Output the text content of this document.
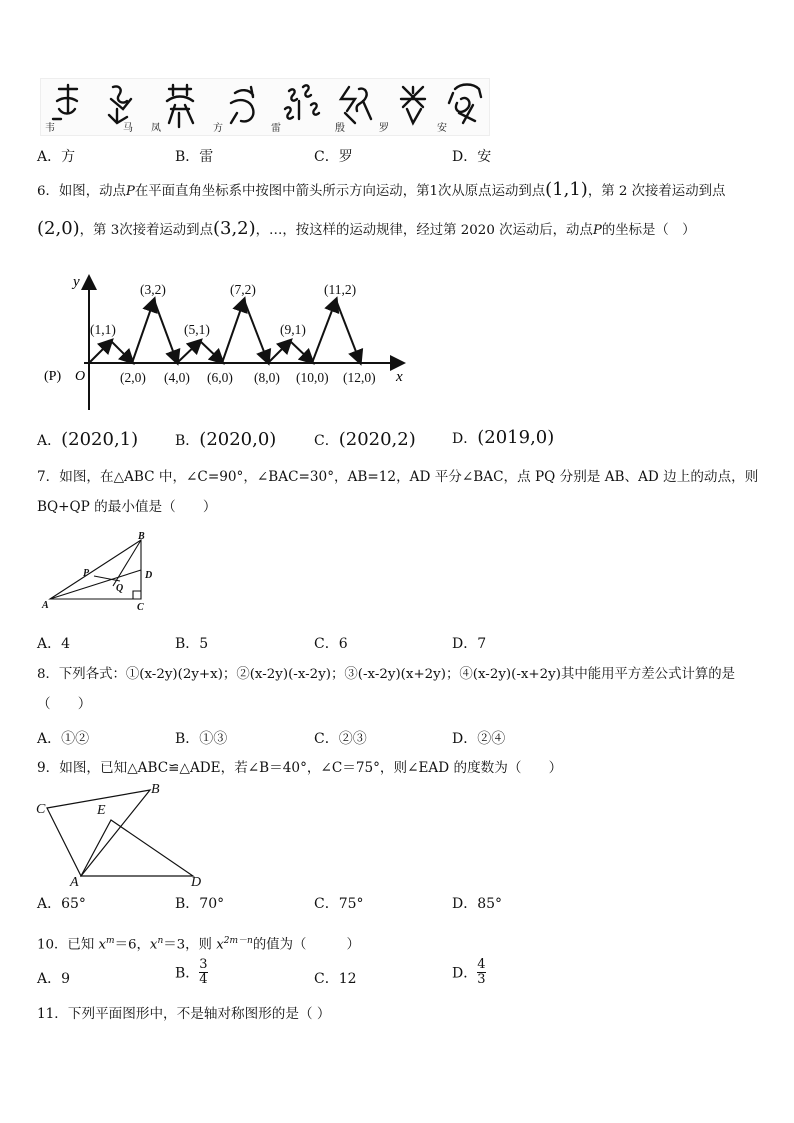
韦	马 凤	方	雷	殷	罗	安
A．方	B．雷	C．罗	D．安
6．如图，动点P在平面直角坐标系中按图中箭头所示方向运动，第1次从原点运动到点(1,1)，第 2 次接着运动到点
(2,0)，第 3次接着运动到点(3,2)，…，按这样的运动规律，经过第 2020 次运动后，动点P的坐标是（　）
y
x
(P) O
(1,1)
(3,2)
(5,1)
(7,2)
(9,1)
(11,2)
(2,0) (4,0) (6,0) (8,0) (10,0) (12,0)
A．(2020,1)	B．(2020,0)	C．(2020,2)	D．(2019,0)
7．如图，在△ABC 中，∠C=90°，∠BAC=30°，AB=12，AD 平分∠BAC，点 PQ 分别是 AB、AD 边上的动点，则
BQ+QP 的最小值是（　　）
A
B
C
D
P
Q
A．4	B．5	C．6	D．7
8．下列各式：①(x-2y)(2y+x)；②(x-2y)(-x-2y)；③(-x-2y)(x+2y)；④(x-2y)(-x+2y)其中能用平方差公式计算的是
（　　）
A．①②	B．①③	C．②③	D．②④
9．如图，已知△ABC≌△ADE，若∠B＝40°，∠C＝75°，则∠EAD 的度数为（　　）
C
B
E
A	D
A．65°	B．70°	C．75°	D．85°
10．已知 $x^m=6$，$x^n=3$，则 $x^{2m-n}$的值为（　　　）
A．9	B． $\frac{3}{4}$	C．12	D． $\frac{4}{3}$
11．下列平面图形中，不是轴对称图形的是（ ）
